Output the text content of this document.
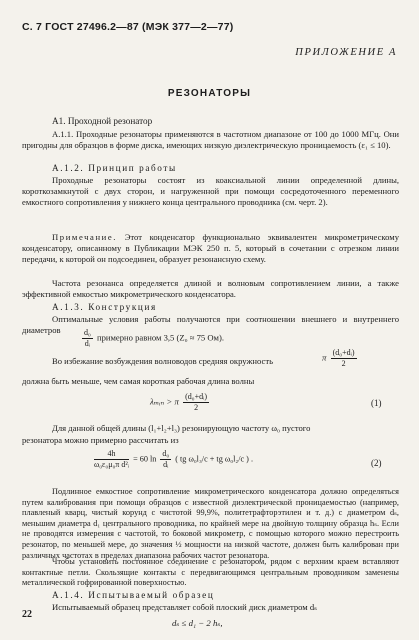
С. 7 ГОСТ 27496.2—87 (МЭК 377—2—77)
ПРИЛОЖЕНИЕ А
РЕЗОНАТОРЫ
А1. Проходной резонатор
А.1.1. Проходные резонаторы применяются в частотном диапазоне от 100 до 1000 МГц. Они пригодны для образцов в форме диска, имеющих низкую диэлектрическую проницаемость (ε₁ ≤ 10).
А.1.2. Принцип работы
Проходные резонаторы состоят из коаксиальной линии определенной длины, короткозамкнутой с двух сторон, и нагруженной при помощи сосредоточенного переменного емкостного сопротивления у нижнего конца центрального проводника (см. черт. 2).
Примечание. Этот конденсатор функционально эквивалентен микрометрическому конденсатору, описанному в Публикации МЭК 250 п. 5, который в сочетании с отрезком линии передачи, к которой он подсоединен, образует резонансную схему.
Частота резонанса определяется длиной и волновым сопротивлением линии, а также эффективной емкостью микрометрического конденсатора.
А.1.3. Конструкция
Оптимальные условия работы получаются при соотношении внешнего и внутреннего диаметров	$\frac{\text{d₀}}{\text{dᵢ}}$ примерно равном 3,5 (Z₀ ≈ 75 Ом).
Во избежание возбуждения волноводов средняя окружность	π $\frac{\text{(d₀+dᵢ)}}{2}$
должна быть меньше, чем самая короткая рабочая длина волны
λₘᵢₙ > π $\frac{\text{(d₀+dᵢ)}}{2}$	(1)
Для данной общей длины (l₁+l₂+l₃) резонирующую частоту ω₀ пустого
резонатора можно примерно рассчитать из
$\frac{4h}{\text{ω₀ε₀μ₀π d²ᵢ}} = 60$ $\ln \frac{\text{d₀}}{\text{dᵢ}}$ ( tg ω₀l₃/c + tg ω₀l₂/c ) .	(2)
Подлинное емкостное сопротивление микрометрического конденсатора должно определяться путем калибрования при помощи образцов с известной диэлектрической проницаемостью (например, плавленый кварц, чистый корунд с чистотой 99,9%, политетрафторэтилен и т. д.) с диаметром dₛ, меньшим диаметра d₁ центрального проводника, по крайней мере на двойную толщину образца hₛ. Если не проводятся измерения с частотой, то боковой микрометр, с помощью которого можно перестроить резонатор, по меньшей мере, до значения ½ мощности на низкой частоте, должен быть калиброван при различных частотах в пределах диапазона рабочих частот резонатора.
Чтобы установить постоянное соединение с резонатором, рядом с верхним краем вставляют контактные петли. Скользящие контакты с передвигающимся центральным проводником заменены металлической гофрированной поверхностью.
А.1.4. Испытываемый образец
Испытываемый образец представляет собой плоский диск диаметром dₛ
dₛ ≤ d₁ − 2 hₛ,
22
